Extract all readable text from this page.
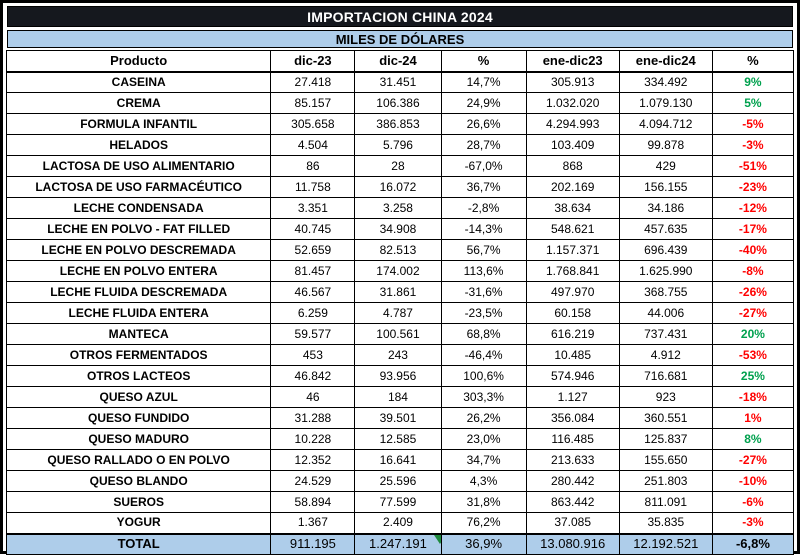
IMPORTACION CHINA 2024
MILES DE DÓLARES
Producto	dic-23	dic-24	%	ene-dic23	ene-dic24	%
CASEINA	27.418	31.451	14,7%	305.913	334.492	9%
CREMA	85.157	106.386	24,9%	1.032.020	1.079.130	5%
FORMULA INFANTIL	305.658	386.853	26,6%	4.294.993	4.094.712	-5%
HELADOS	4.504	5.796	28,7%	103.409	99.878	-3%
LACTOSA DE USO ALIMENTARIO	86	28	-67,0%	868	429	-51%
LACTOSA DE USO FARMACÉUTICO	11.758	16.072	36,7%	202.169	156.155	-23%
LECHE CONDENSADA	3.351	3.258	-2,8%	38.634	34.186	-12%
LECHE EN POLVO - FAT FILLED	40.745	34.908	-14,3%	548.621	457.635	-17%
LECHE EN POLVO DESCREMADA	52.659	82.513	56,7%	1.157.371	696.439	-40%
LECHE EN POLVO ENTERA	81.457	174.002	113,6%	1.768.841	1.625.990	-8%
LECHE FLUIDA DESCREMADA	46.567	31.861	-31,6%	497.970	368.755	-26%
LECHE FLUIDA ENTERA	6.259	4.787	-23,5%	60.158	44.006	-27%
MANTECA	59.577	100.561	68,8%	616.219	737.431	20%
OTROS FERMENTADOS	453	243	-46,4%	10.485	4.912	-53%
OTROS LACTEOS	46.842	93.956	100,6%	574.946	716.681	25%
QUESO AZUL	46	184	303,3%	1.127	923	-18%
QUESO FUNDIDO	31.288	39.501	26,2%	356.084	360.551	1%
QUESO MADURO	10.228	12.585	23,0%	116.485	125.837	8%
QUESO RALLADO O EN POLVO	12.352	16.641	34,7%	213.633	155.650	-27%
QUESO BLANDO	24.529	25.596	4,3%	280.442	251.803	-10%
SUEROS	58.894	77.599	31,8%	863.442	811.091	-6%
YOGUR	1.367	2.409	76,2%	37.085	35.835	-3%
TOTAL	911.195	1.247.191	36,9%	13.080.916	12.192.521	-6,8%
